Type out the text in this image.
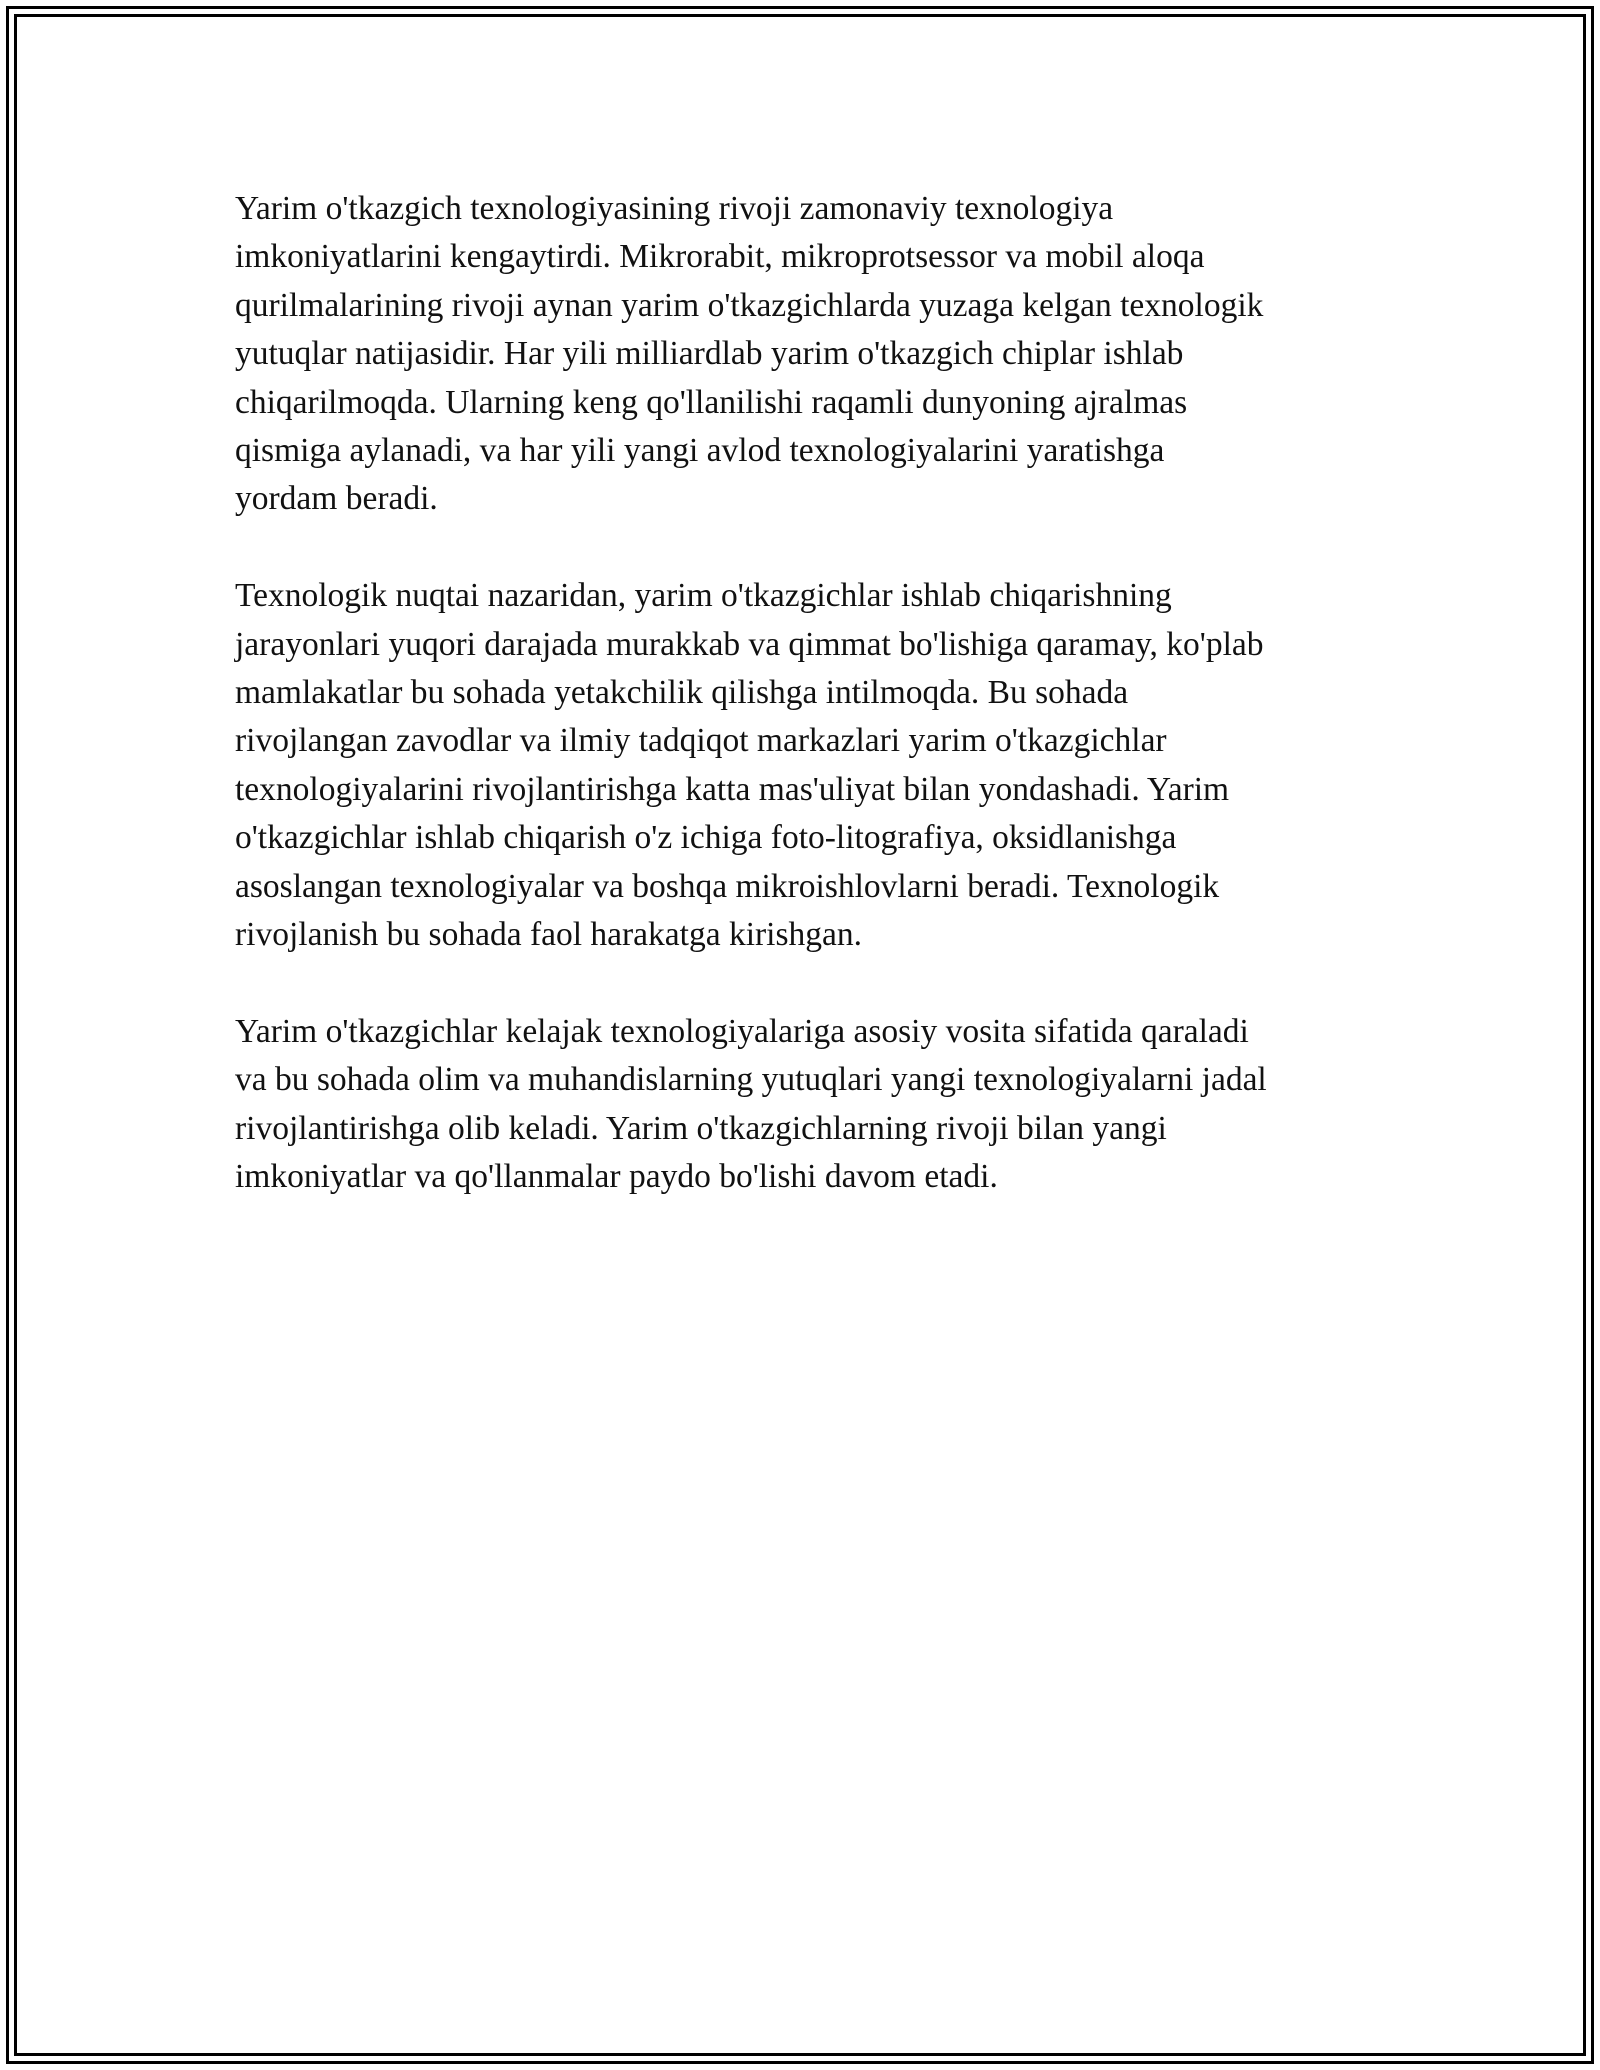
Yarim o'tkazgich texnologiyasining rivoji zamonaviy texnologiya
imkoniyatlarini kengaytirdi. Mikrorabit, mikroprotsessor va mobil aloqa
qurilmalarining rivoji aynan yarim o'tkazgichlarda yuzaga kelgan texnologik
yutuqlar natijasidir. Har yili milliardlab yarim o'tkazgich chiplar ishlab
chiqarilmoqda. Ularning keng qo'llanilishi raqamli dunyoning ajralmas
qismiga aylanadi, va har yili yangi avlod texnologiyalarini yaratishga
yordam beradi.

Texnologik nuqtai nazaridan, yarim o'tkazgichlar ishlab chiqarishning
jarayonlari yuqori darajada murakkab va qimmat bo'lishiga qaramay, ko'plab
mamlakatlar bu sohada yetakchilik qilishga intilmoqda. Bu sohada
rivojlangan zavodlar va ilmiy tadqiqot markazlari yarim o'tkazgichlar
texnologiyalarini rivojlantirishga katta mas'uliyat bilan yondashadi. Yarim
o'tkazgichlar ishlab chiqarish o'z ichiga foto-litografiya, oksidlanishga
asoslangan texnologiyalar va boshqa mikroishlovlarni beradi. Texnologik
rivojlanish bu sohada faol harakatga kirishgan.

Yarim o'tkazgichlar kelajak texnologiyalariga asosiy vosita sifatida qaraladi
va bu sohada olim va muhandislarning yutuqlari yangi texnologiyalarni jadal
rivojlantirishga olib keladi. Yarim o'tkazgichlarning rivoji bilan yangi
imkoniyatlar va qo'llanmalar paydo bo'lishi davom etadi.
